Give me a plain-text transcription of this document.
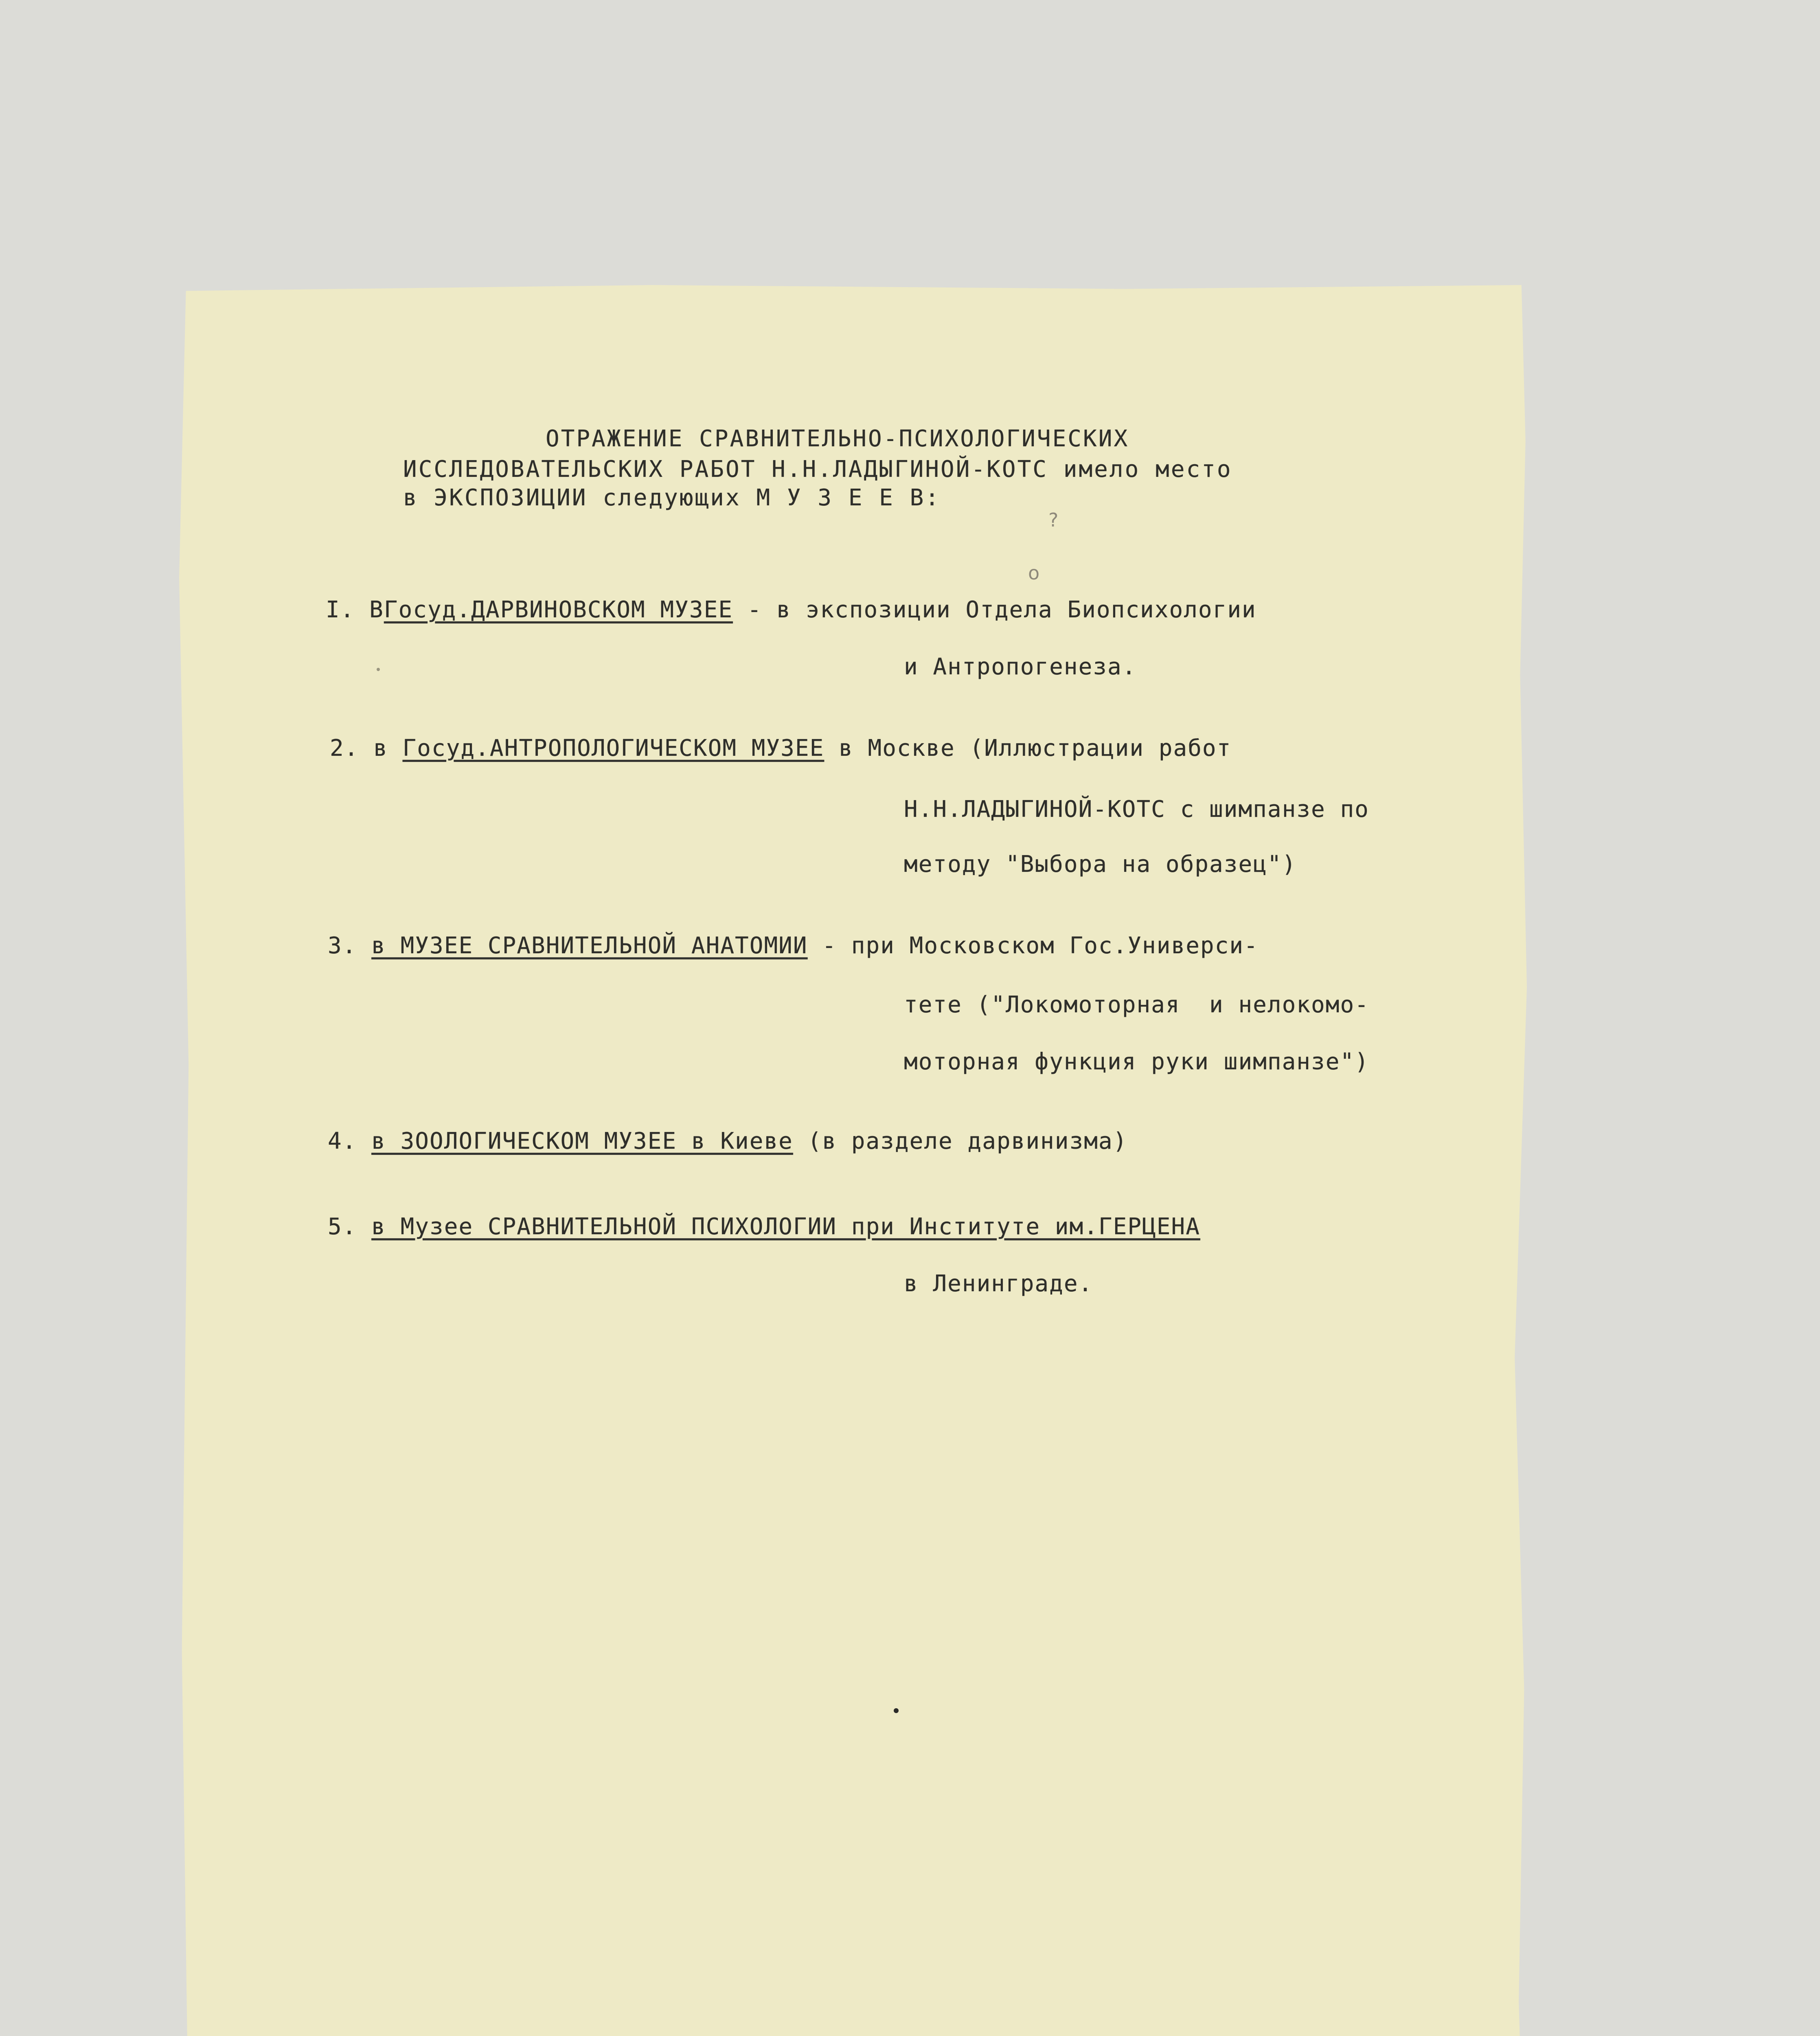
ОТРАЖЕНИЕ СРАВНИТЕЛЬНО-ПСИХОЛОГИЧЕСКИХ
ИССЛЕДОВАТЕЛЬСКИХ РАБОТ Н.Н.ЛАДЫГИНОЙ-КОТС имело место
в ЭКСПОЗИЦИИ следующих М У З Е Е В:
?
о
I. ВГосуд.ДАРВИНОВСКОМ МУЗЕЕ - в экспозиции Отдела Биопсихологии
и Антропогенеза.
2. в Госуд.АНТРОПОЛОГИЧЕСКОМ МУЗЕЕ в Москве (Иллюстрации работ
Н.Н.ЛАДЫГИНОЙ-КОТС с шимпанзе по
методу "Выбора на образец")
3. в МУЗЕЕ СРАВНИТЕЛЬНОЙ АНАТОМИИ - при Московском Гос.Универси-
тете ("Локомоторная  и нелокомо-
моторная функция руки шимпанзе")
4. в ЗООЛОГИЧЕСКОМ МУЗЕЕ в Киеве (в разделе дарвинизма)
5. в Музее СРАВНИТЕЛЬНОЙ ПСИХОЛОГИИ при Институте им.ГЕРЦЕНА
в Ленинграде.
